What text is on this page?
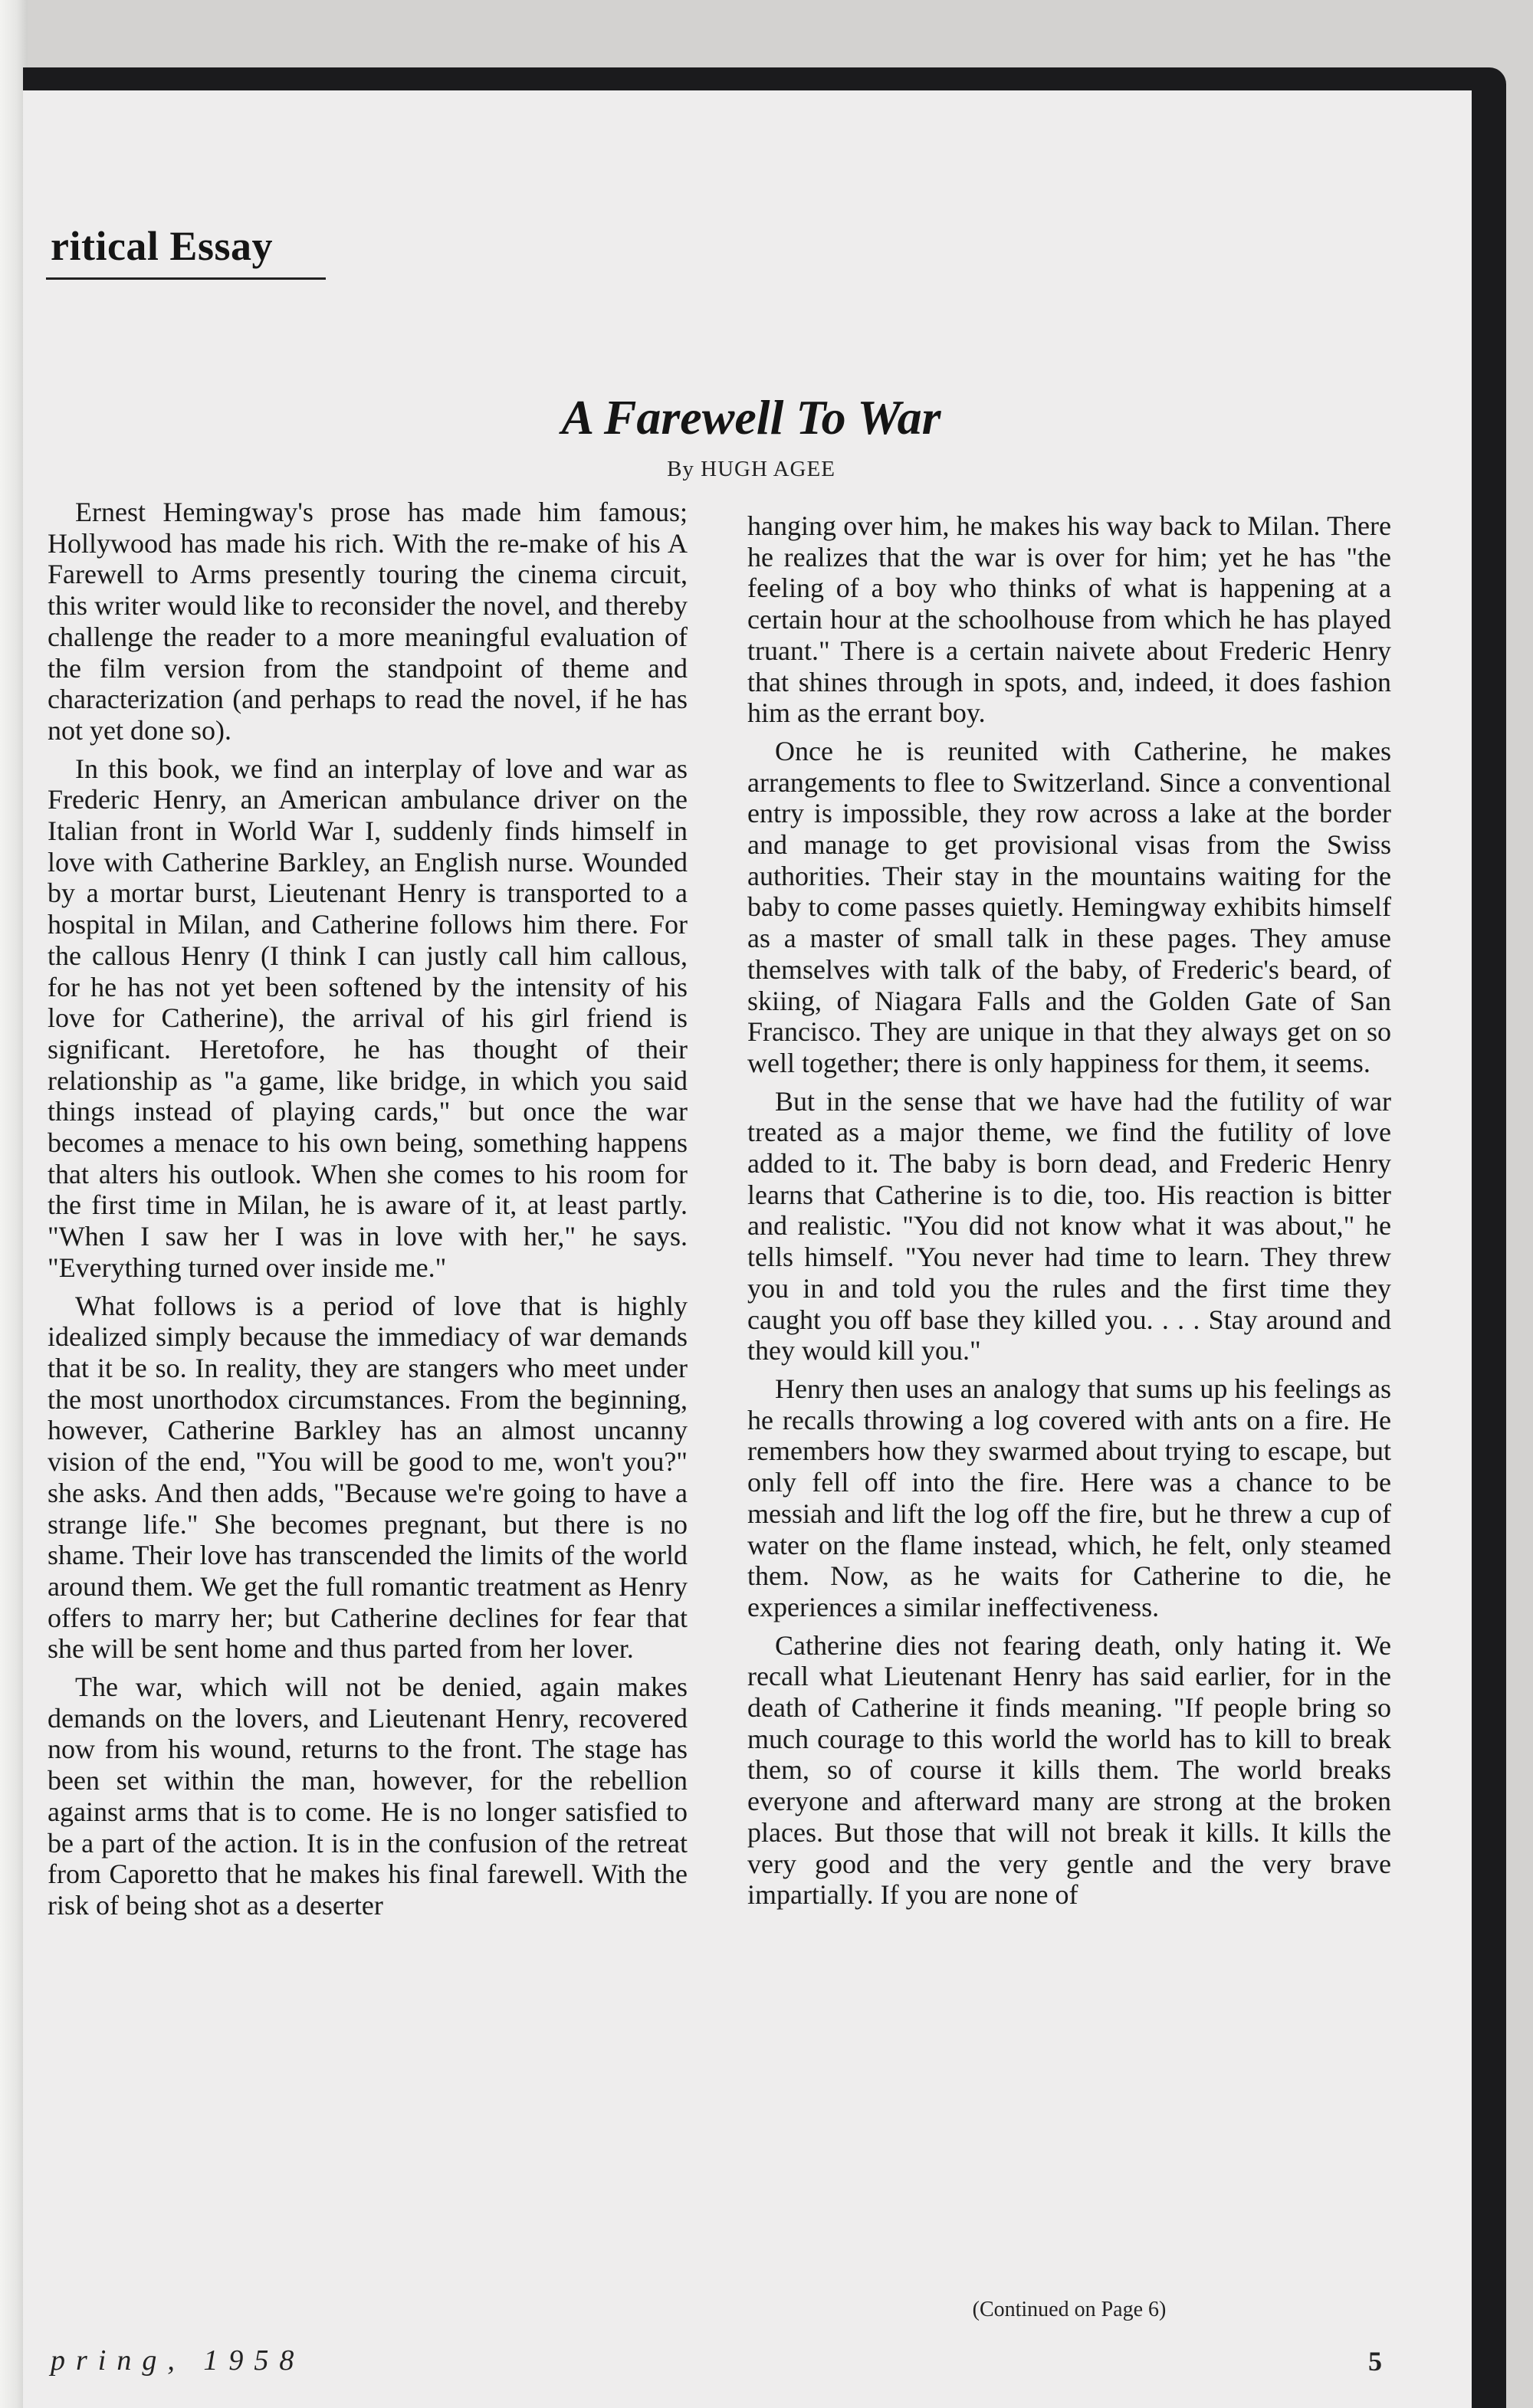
ritical Essay
A Farewell To War
By HUGH AGEE

Ernest Hemingway's prose has made him famous; Hollywood has made his rich. With the re-make of his A Farewell to Arms presently touring the cinema circuit, this writer would like to reconsider the novel, and thereby challenge the reader to a more meaningful evaluation of the film version from the standpoint of theme and characterization (and perhaps to read the novel, if he has not yet done so).

In this book, we find an interplay of love and war as Frederic Henry, an American ambulance driver on the Italian front in World War I, suddenly finds himself in love with Catherine Barkley, an English nurse. Wounded by a mortar burst, Lieutenant Henry is transported to a hospital in Milan, and Catherine follows him there. For the callous Henry (I think I can justly call him callous, for he has not yet been softened by the intensity of his love for Catherine), the arrival of his girl friend is significant. Heretofore, he has thought of their relationship as "a game, like bridge, in which you said things instead of playing cards," but once the war becomes a menace to his own being, something happens that alters his outlook. When she comes to his room for the first time in Milan, he is aware of it, at least partly. "When I saw her I was in love with her," he says. "Everything turned over inside me."

What follows is a period of love that is highly idealized simply because the immediacy of war demands that it be so. In reality, they are stangers who meet under the most unorthodox circumstances. From the beginning, however, Catherine Barkley has an almost uncanny vision of the end, "You will be good to me, won't you?" she asks. And then adds, "Because we're going to have a strange life." She becomes pregnant, but there is no shame. Their love has transcended the limits of the world around them. We get the full romantic treatment as Henry offers to marry her; but Catherine declines for fear that she will be sent home and thus parted from her lover.

The war, which will not be denied, again makes demands on the lovers, and Lieutenant Henry, recovered now from his wound, returns to the front. The stage has been set within the man, however, for the rebellion against arms that is to come. He is no longer satisfied to be a part of the action. It is in the confusion of the retreat from Caporetto that he makes his final farewell. With the risk of being shot as a deserter

hanging over him, he makes his way back to Milan. There he realizes that the war is over for him; yet he has "the feeling of a boy who thinks of what is happening at a certain hour at the schoolhouse from which he has played truant." There is a certain naivete about Frederic Henry that shines through in spots, and, indeed, it does fashion him as the errant boy.

Once he is reunited with Catherine, he makes arrangements to flee to Switzerland. Since a conventional entry is impossible, they row across a lake at the border and manage to get provisional visas from the Swiss authorities. Their stay in the mountains waiting for the baby to come passes quietly. Hemingway exhibits himself as a master of small talk in these pages. They amuse themselves with talk of the baby, of Frederic's beard, of skiing, of Niagara Falls and the Golden Gate of San Francisco. They are unique in that they always get on so well together; there is only happiness for them, it seems.

But in the sense that we have had the futility of war treated as a major theme, we find the futility of love added to it. The baby is born dead, and Frederic Henry learns that Catherine is to die, too. His reaction is bitter and realistic. "You did not know what it was about," he tells himself. "You never had time to learn. They threw you in and told you the rules and the first time they caught you off base they killed you. . . . Stay around and they would kill you."

Henry then uses an analogy that sums up his feelings as he recalls throwing a log covered with ants on a fire. He remembers how they swarmed about trying to escape, but only fell off into the fire. Here was a chance to be messiah and lift the log off the fire, but he threw a cup of water on the flame instead, which, he felt, only steamed them. Now, as he waits for Catherine to die, he experiences a similar ineffectiveness.

Catherine dies not fearing death, only hating it. We recall what Lieutenant Henry has said earlier, for in the death of Catherine it finds meaning. "If people bring so much courage to this world the world has to kill to break them, so of course it kills them. The world breaks everyone and afterward many are strong at the broken places. But those that will not break it kills. It kills the very good and the very gentle and the very brave impartially. If you are none of

(Continued on Page 6)
pring, 1958	5
